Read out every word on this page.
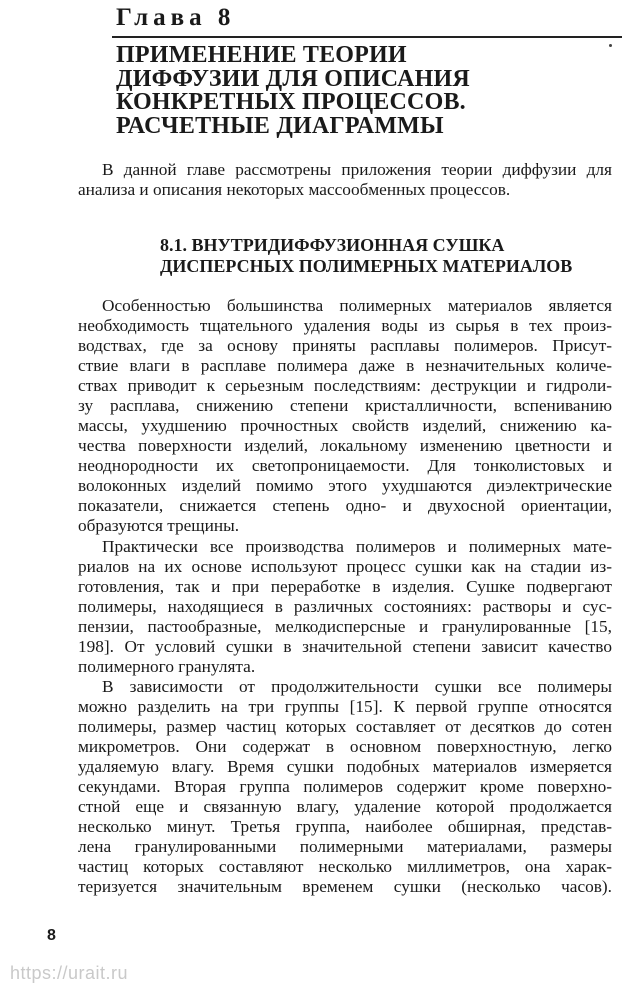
Глава 8
ПРИМЕНЕНИЕ ТЕОРИИ
ДИФФУЗИИ ДЛЯ ОПИСАНИЯ
КОНКРЕТНЫХ ПРОЦЕССОВ.
РАСЧЕТНЫЕ ДИАГРАММЫ
В данной главе рассмотрены приложения теории диффузии для
анализа и описания некоторых массообменных процессов.
8.1. ВНУТРИДИФФУЗИОННАЯ СУШКА
ДИСПЕРСНЫХ ПОЛИМЕРНЫХ МАТЕРИАЛОВ
Особенностью большинства полимерных материалов является
необходимость тщательного удаления воды из сырья в тех произ-
водствах, где за основу приняты расплавы полимеров. Присут-
ствие влаги в расплаве полимера даже в незначительных количе-
ствах приводит к серьезным последствиям: деструкции и гидроли-
зу расплава, снижению степени кристалличности, вспениванию
массы, ухудшению прочностных свойств изделий, снижению ка-
чества поверхности изделий, локальному изменению цветности и
неоднородности их светопроницаемости. Для тонколистовых и
волоконных изделий помимо этого ухудшаются диэлектрические
показатели, снижается степень одно- и двухосной ориентации,
образуются трещины.
Практически все производства полимеров и полимерных мате-
риалов на их основе используют процесс сушки как на стадии из-
готовления, так и при переработке в изделия. Сушке подвергают
полимеры, находящиеся в различных состояниях: растворы и сус-
пензии, пастообразные, мелкодисперсные и гранулированные [15,
198]. От условий сушки в значительной степени зависит качество
полимерного гранулята.
В зависимости от продолжительности сушки все полимеры
можно разделить на три группы [15]. К первой группе относятся
полимеры, размер частиц которых составляет от десятков до сотен
микрометров. Они содержат в основном поверхностную, легко
удаляемую влагу. Время сушки подобных материалов измеряется
секундами. Вторая группа полимеров содержит кроме поверхно-
стной еще и связанную влагу, удаление которой продолжается
несколько минут. Третья группа, наиболее обширная, представ-
лена гранулированными полимерными материалами, размеры
частиц которых составляют несколько миллиметров, она харак-
теризуется значительным временем сушки (несколько часов).
8
https://urait.ru
